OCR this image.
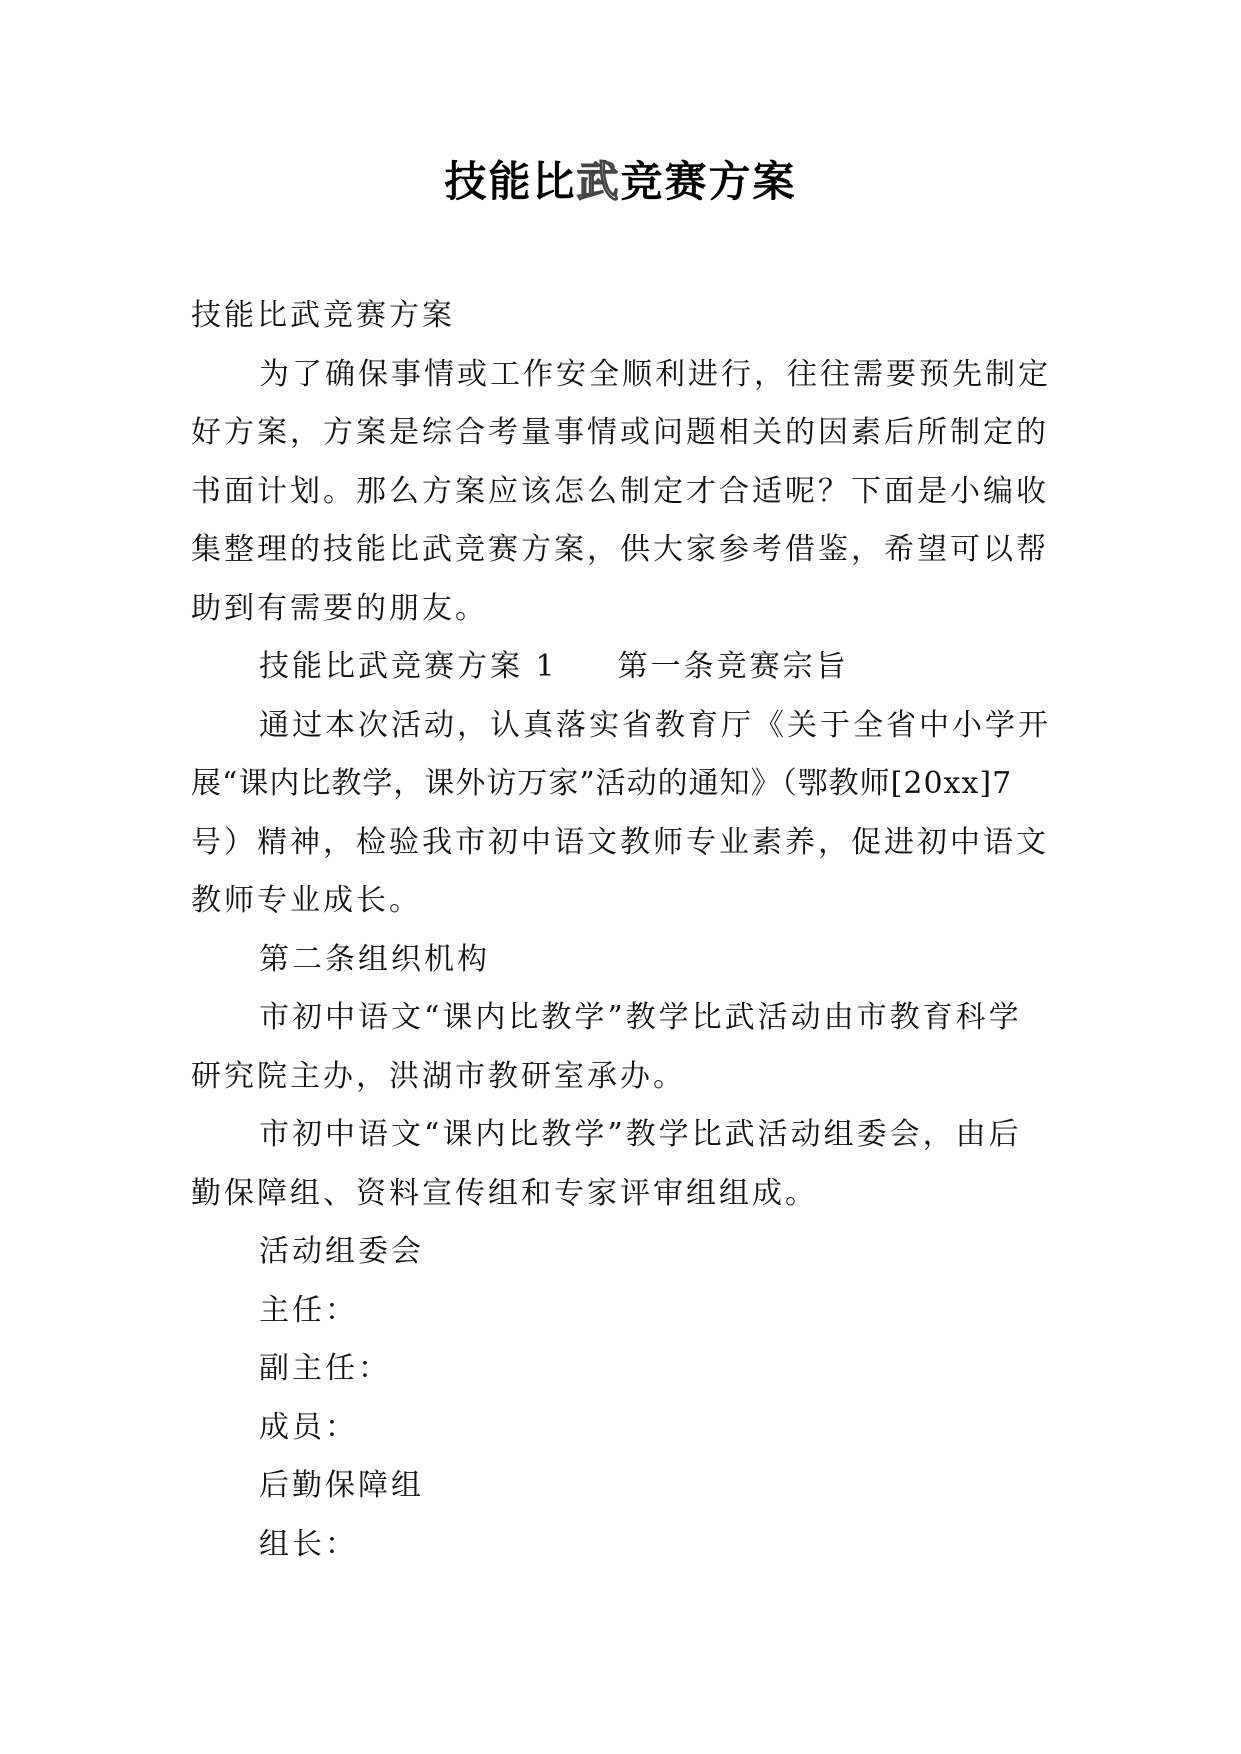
技能比武竞赛方案
技能比武竞赛方案
为了确保事情或工作安全顺利进行，往往需要预先制定
好方案，方案是综合考量事情或问题相关的因素后所制定的
书面计划。那么方案应该怎么制定才合适呢？下面是小编收
集整理的技能比武竞赛方案，供大家参考借鉴，希望可以帮
助到有需要的朋友。
技能比武竞赛方案 1 第一条竞赛宗旨
通过本次活动，认真落实省教育厅《关于全省中小学开
展“课内比教学，课外访万家”活动的通知》（鄂教师[20xx]7
号）精神，检验我市初中语文教师专业素养，促进初中语文
教师专业成长。
第二条组织机构
市初中语文“课内比教学”教学比武活动由市教育科学
研究院主办，洪湖市教研室承办。
市初中语文“课内比教学”教学比武活动组委会，由后
勤保障组、资料宣传组和专家评审组组成。
活动组委会
主任：
副主任：
成员：
后勤保障组
组长：
